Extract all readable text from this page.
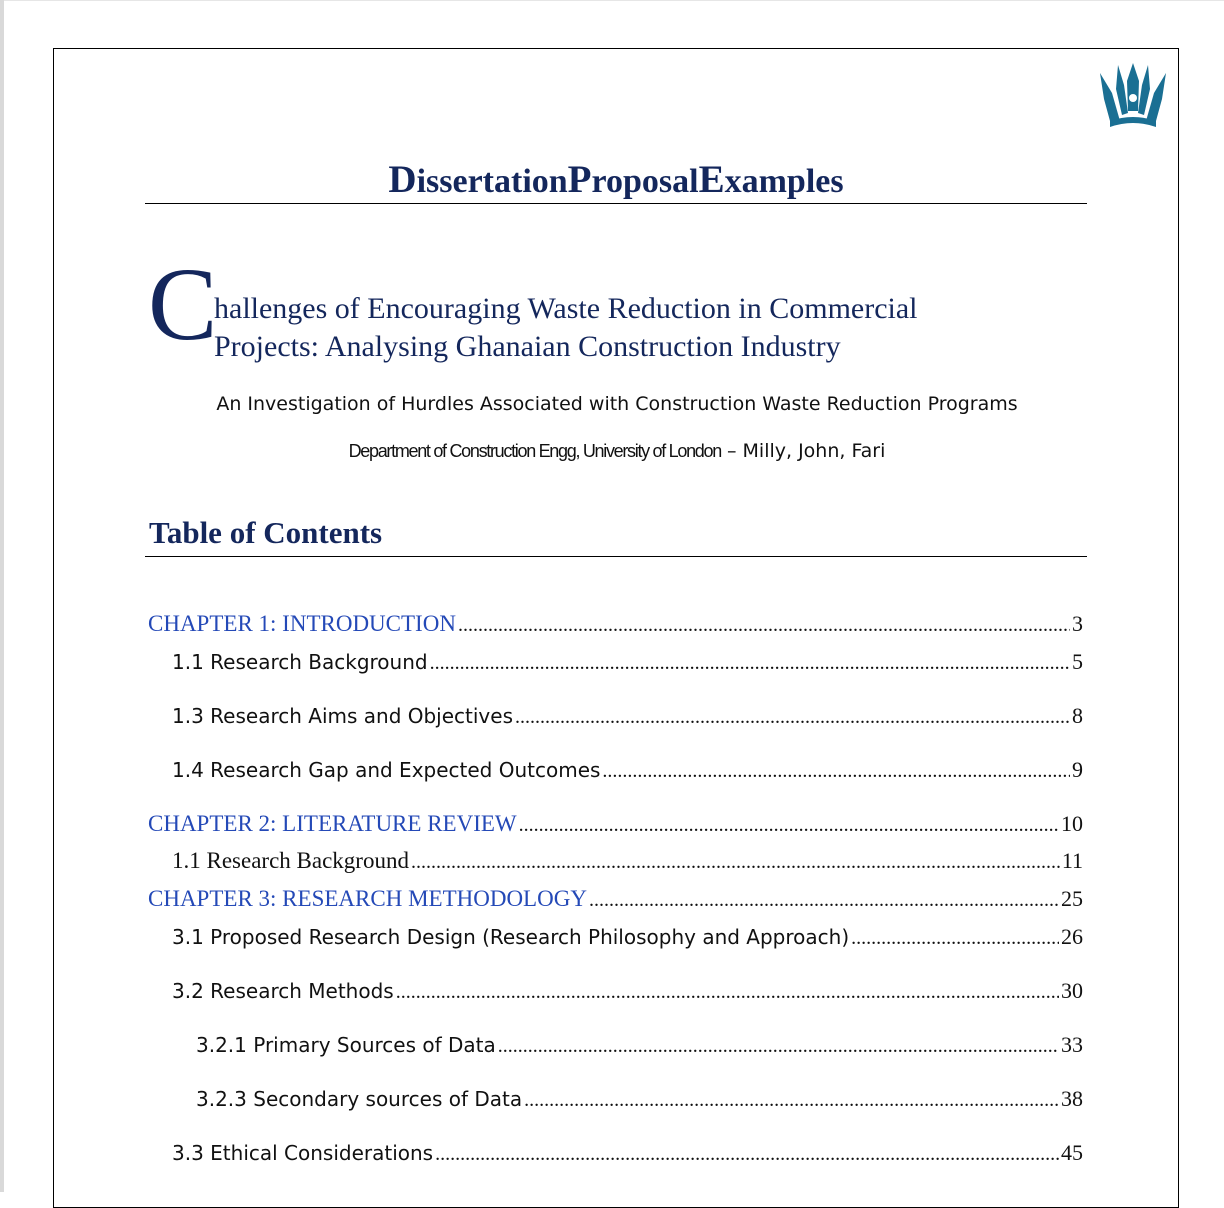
DissertationProposalExamples
C
hallenges of Encouraging Waste Reduction in Commercial
Projects: Analysing Ghanaian Construction Industry
An Investigation of Hurdles Associated with Construction Waste Reduction Programs
Department of Construction Engg, University of London – Milly, John, Fari
Table of Contents
CHAPTER 1: INTRODUCTION .....	3
1.1 Research Background .....	5
1.3 Research Aims and Objectives .....	8
1.4 Research Gap and Expected Outcomes .....	9
CHAPTER 2: LITERATURE REVIEW .....	10
1.1 Research Background .....	11
CHAPTER 3: RESEARCH METHODOLOGY .....	25
3.1 Proposed Research Design (Research Philosophy and Approach) .....	26
3.2 Research Methods .....	30
3.2.1 Primary Sources of Data .....	33
3.2.3 Secondary sources of Data .....	38
3.3 Ethical Considerations .....	45
